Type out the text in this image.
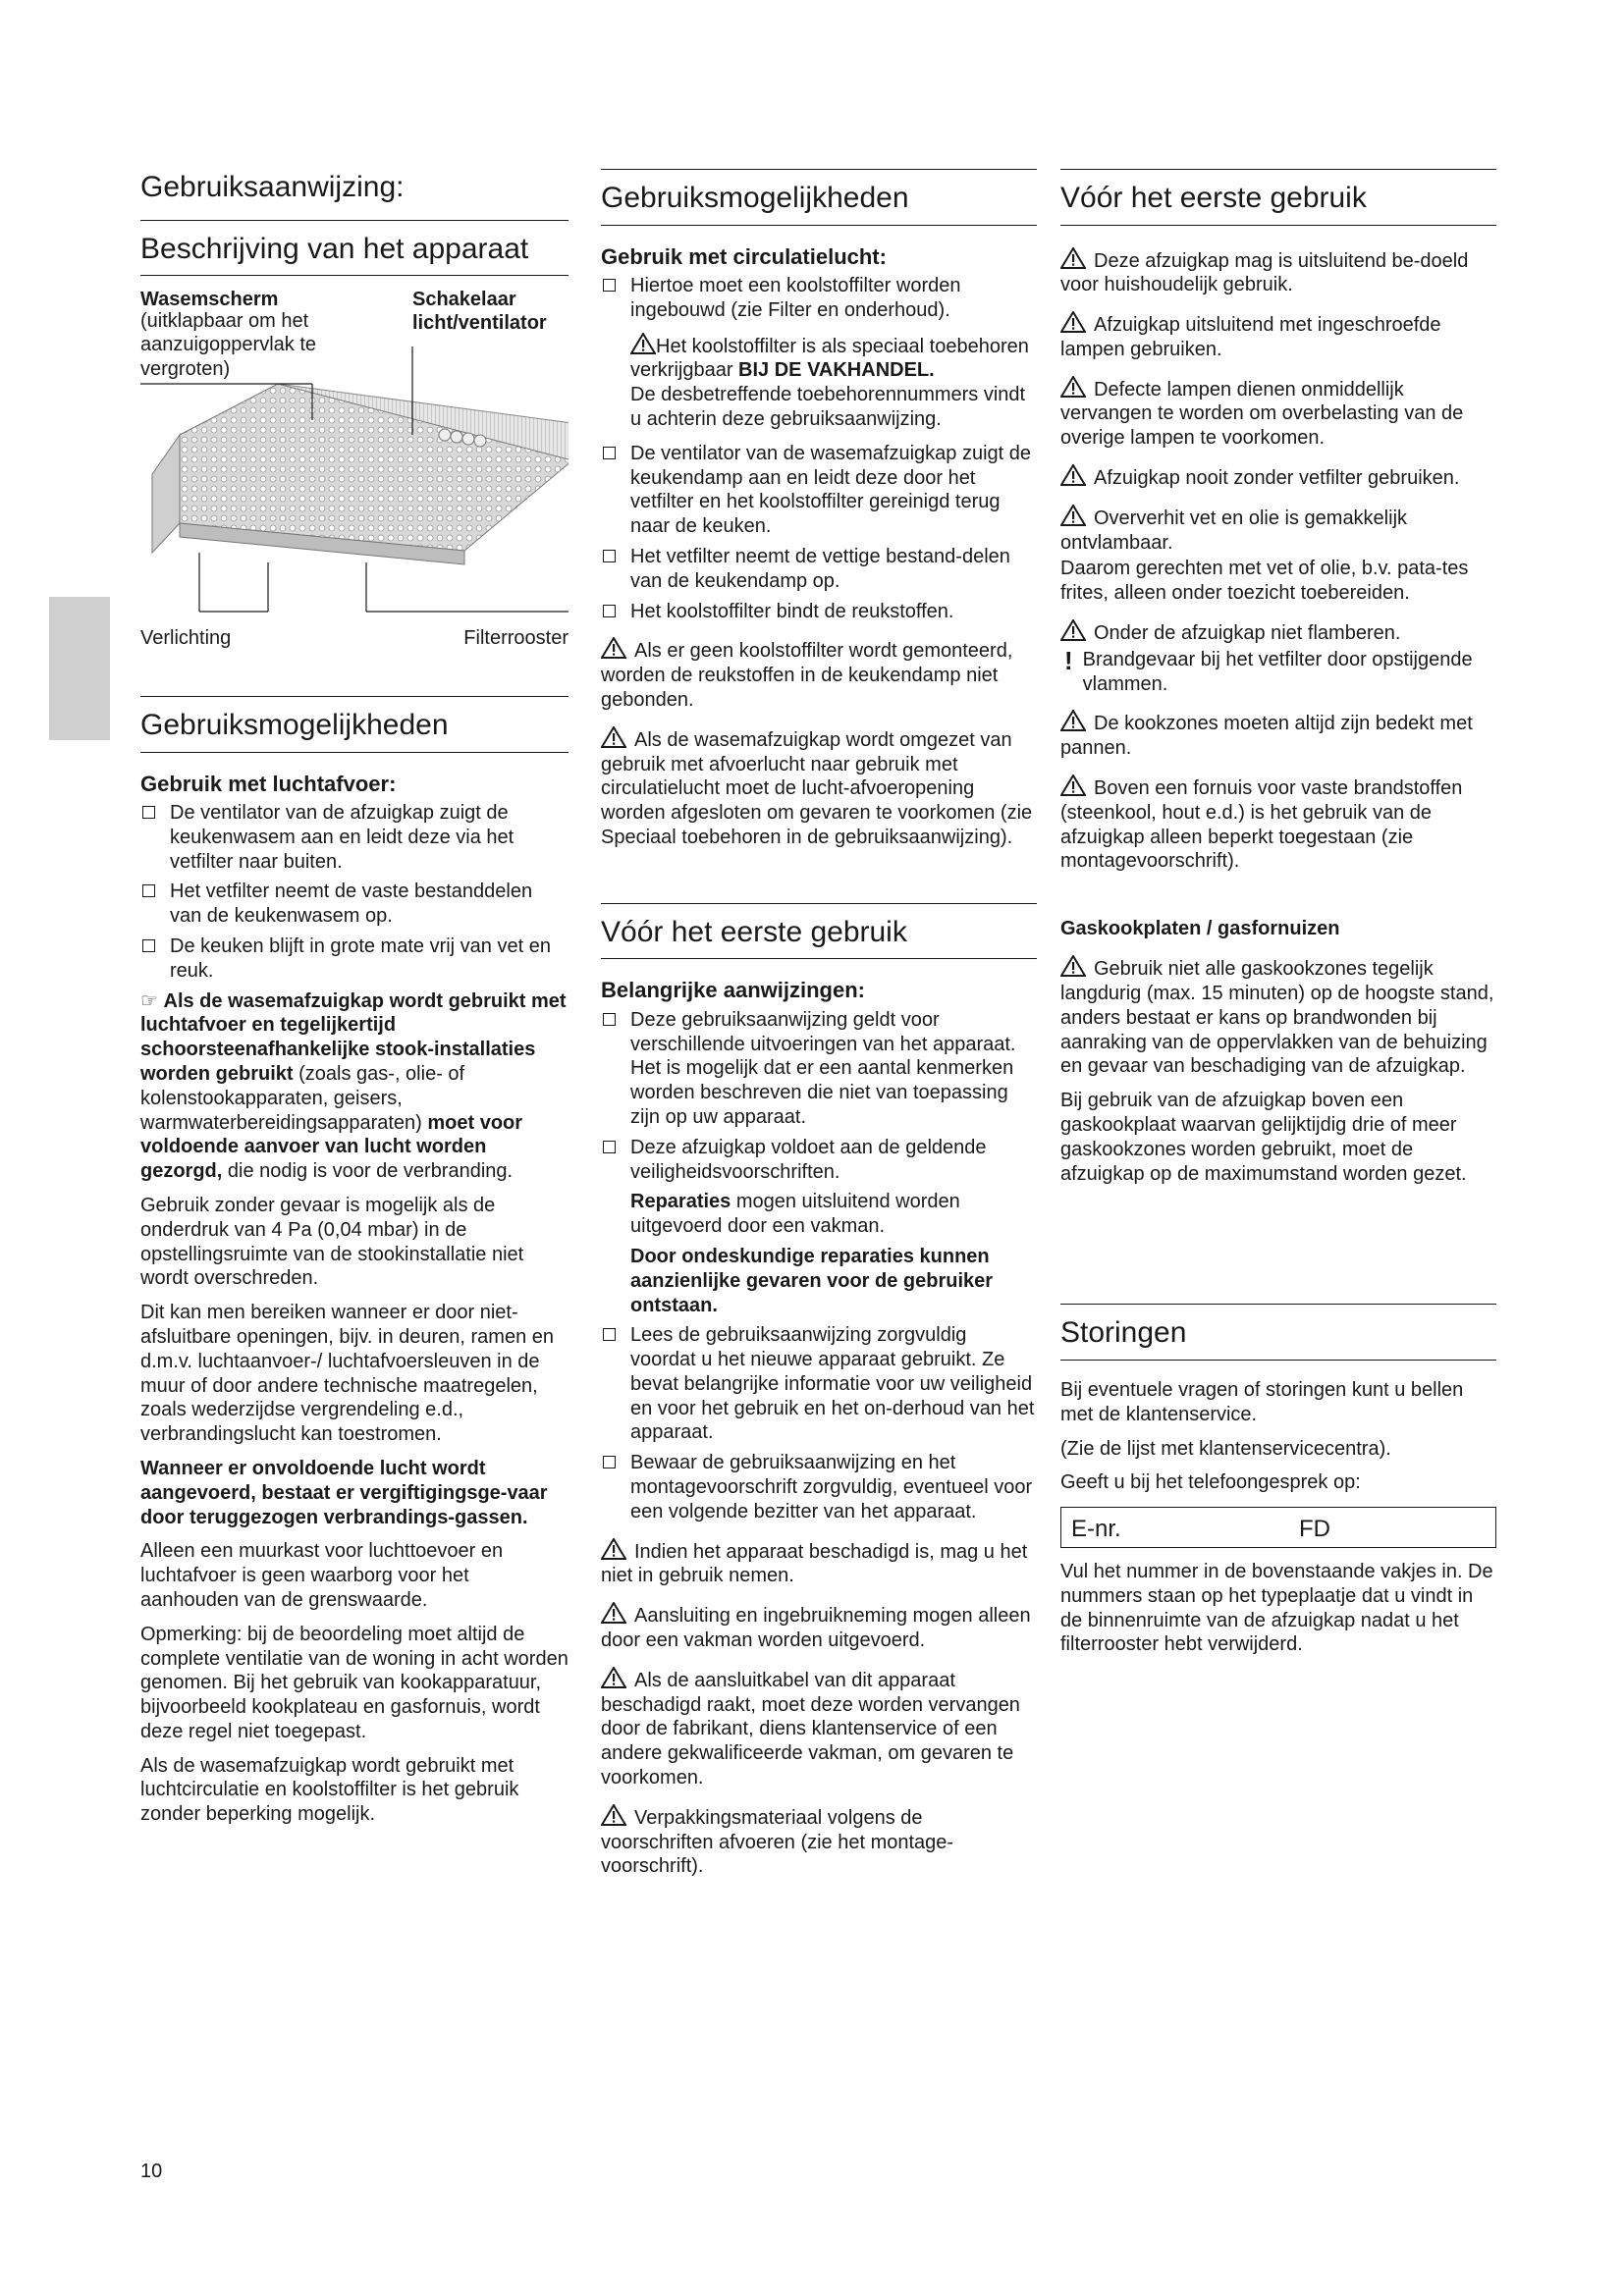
Gebruiksaanwijzing:
Beschrijving van het apparaat
Wasemscherm
(uitklapbaar om het aanzuigoppervlak te vergroten)
Schakelaar licht/ventilator
Verlichting	Filterrooster
Gebruiksmogelijkheden
Gebruik met luchtafvoer:
De ventilator van de afzuigkap zuigt de keukenwasem aan en leidt deze via het vetfilter naar buiten.
Het vetfilter neemt de vaste bestanddelen van de keukenwasem op.
De keuken blijft in grote mate vrij van vet en reuk.

☞ Als de wasemafzuigkap wordt gebruikt met luchtafvoer en tegelijkertijd schoorsteenafhankelijke stook-installaties worden gebruikt (zoals gas-, olie- of kolenstookapparaten, geisers, warmwaterbereidingsapparaten) moet voor voldoende aanvoer van lucht worden gezorgd, die nodig is voor de verbranding.

Gebruik zonder gevaar is mogelijk als de onderdruk van 4 Pa (0,04 mbar) in de opstellingsruimte van de stookinstallatie niet wordt overschreden.

Dit kan men bereiken wanneer er door niet-afsluitbare openingen, bijv. in deuren, ramen en d.m.v. luchtaanvoer-/ luchtafvoersleuven in de muur of door andere technische maatregelen, zoals wederzijdse vergrendeling e.d., verbrandingslucht kan toestromen.

Wanneer er onvoldoende lucht wordt aangevoerd, bestaat er vergiftigingsge-vaar door teruggezogen verbrandings-gassen.

Alleen een muurkast voor luchttoevoer en luchtafvoer is geen waarborg voor het aanhouden van de grenswaarde.

Opmerking: bij de beoordeling moet altijd de complete ventilatie van de woning in acht worden genomen. Bij het gebruik van kookapparatuur, bijvoorbeeld kookplateau en gasfornuis, wordt deze regel niet toegepast.

Als de wasemafzuigkap wordt gebruikt met luchtcirculatie en koolstoffilter is het gebruik zonder beperking mogelijk.

Gebruiksmogelijkheden
Gebruik met circulatielucht:
Hiertoe moet een koolstoffilter worden ingebouwd (zie Filter en onderhoud).

Het koolstoffilter is als speciaal toebehoren verkrijgbaar BIJ DE VAKHANDEL.
De desbetreffende toebehorennummers vindt u achterin deze gebruiksaanwijzing.

De ventilator van de wasemafzuigkap zuigt de keukendamp aan en leidt deze door het vetfilter en het koolstoffilter gereinigd terug naar de keuken.
Het vetfilter neemt de vettige bestand-delen van de keukendamp op.
Het koolstoffilter bindt de reukstoffen.

Als er geen koolstoffilter wordt gemonteerd, worden de reukstoffen in de keukendamp niet gebonden.

Als de wasemafzuigkap wordt omgezet van gebruik met afvoerlucht naar gebruik met circulatielucht moet de lucht-afvoeropening worden afgesloten om gevaren te voorkomen (zie Speciaal toebehoren in de gebruiksaanwijzing).

Vóór het eerste gebruik
Belangrijke aanwijzingen:
Deze gebruiksaanwijzing geldt voor verschillende uitvoeringen van het apparaat. Het is mogelijk dat er een aantal kenmerken worden beschreven die niet van toepassing zijn op uw apparaat.
Deze afzuigkap voldoet aan de geldende veiligheidsvoorschriften.
Reparaties mogen uitsluitend worden uitgevoerd door een vakman.
Door ondeskundige reparaties kunnen aanzienlijke gevaren voor de gebruiker ontstaan.
Lees de gebruiksaanwijzing zorgvuldig voordat u het nieuwe apparaat gebruikt. Ze bevat belangrijke informatie voor uw veiligheid en voor het gebruik en het on-derhoud van het apparaat.
Bewaar de gebruiksaanwijzing en het montagevoorschrift zorgvuldig, eventueel voor een volgende bezitter van het apparaat.

Indien het apparaat beschadigd is, mag u het niet in gebruik nemen.

Aansluiting en ingebruikneming mogen alleen door een vakman worden uitgevoerd.

Als de aansluitkabel van dit apparaat beschadigd raakt, moet deze worden vervangen door de fabrikant, diens klantenservice of een andere gekwalificeerde vakman, om gevaren te voorkomen.

Verpakkingsmateriaal volgens de voorschriften afvoeren (zie het montage-voorschrift).

Vóór het eerste gebruik

Deze afzuigkap mag is uitsluitend be-doeld voor huishoudelijk gebruik.

Afzuigkap uitsluitend met ingeschroefde lampen gebruiken.

Defecte lampen dienen onmiddellijk vervangen te worden om overbelasting van de overige lampen te voorkomen.

Afzuigkap nooit zonder vetfilter gebruiken.

Oververhit vet en olie is gemakkelijk ontvlambaar.

Daarom gerechten met vet of olie, b.v. pata-tes frites, alleen onder toezicht toebereiden.

Onder de afzuigkap niet flamberen.

! Brandgevaar bij het vetfilter door opstijgende vlammen.

De kookzones moeten altijd zijn bedekt met pannen.

Boven een fornuis voor vaste brandstoffen (steenkool, hout e.d.) is het gebruik van de afzuigkap alleen beperkt toegestaan (zie montagevoorschrift).

Gaskookplaten / gasfornuizen

Gebruik niet alle gaskookzones tegelijk langdurig (max. 15 minuten) op de hoogste stand, anders bestaat er kans op brandwonden bij aanraking van de oppervlakken van de behuizing en gevaar van beschadiging van de afzuigkap.

Bij gebruik van de afzuigkap boven een gaskookplaat waarvan gelijktijdig drie of meer gaskookzones worden gebruikt, moet de afzuigkap op de maximumstand worden gezet.

Storingen

Bij eventuele vragen of storingen kunt u bellen met de klantenservice.

(Zie de lijst met klantenservicecentra).

Geeft u bij het telefoongesprek op:

E-nr.	FD

Vul het nummer in de bovenstaande vakjes in. De nummers staan op het typeplaatje dat u vindt in de binnenruimte van de afzuigkap nadat u het filterrooster hebt verwijderd.

10
